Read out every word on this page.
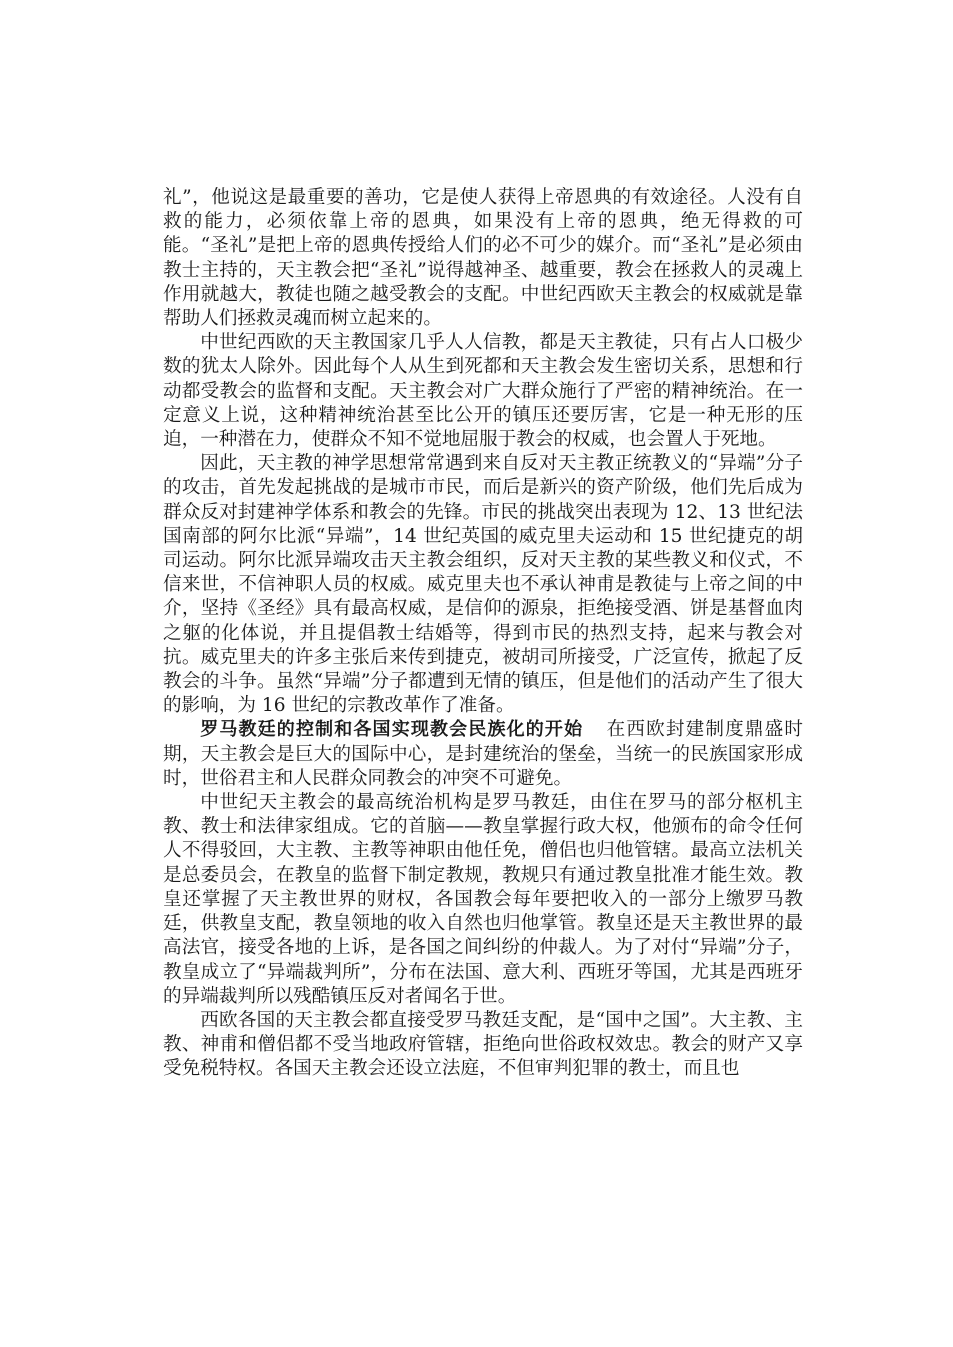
礼”，他说这是最重要的善功，它是使人获得上帝恩典的有效途径。人没有自救的能力，必须依靠上帝的恩典，如果没有上帝的恩典，绝无得救的可能。“圣礼”是把上帝的恩典传授给人们的必不可少的媒介。而“圣礼”是必须由教士主持的，天主教会把“圣礼”说得越神圣、越重要，教会在拯救人的灵魂上作用就越大，教徒也随之越受教会的支配。中世纪西欧天主教会的权威就是靠帮助人们拯救灵魂而树立起来的。

中世纪西欧的天主教国家几乎人人信教，都是天主教徒，只有占人口极少数的犹太人除外。因此每个人从生到死都和天主教会发生密切关系，思想和行动都受教会的监督和支配。天主教会对广大群众施行了严密的精神统治。在一定意义上说，这种精神统治甚至比公开的镇压还要厉害，它是一种无形的压迫，一种潜在力，使群众不知不觉地屈服于教会的权威，也会置人于死地。

因此，天主教的神学思想常常遇到来自反对天主教正统教义的“异端”分子的攻击，首先发起挑战的是城市市民，而后是新兴的资产阶级，他们先后成为群众反对封建神学体系和教会的先锋。市民的挑战突出表现为 12、13 世纪法国南部的阿尔比派“异端”，14 世纪英国的威克里夫运动和 15 世纪捷克的胡司运动。阿尔比派异端攻击天主教会组织，反对天主教的某些教义和仪式，不信来世，不信神职人员的权威。威克里夫也不承认神甫是教徒与上帝之间的中介，坚持《圣经》具有最高权威，是信仰的源泉，拒绝接受酒、饼是基督血肉之躯的化体说，并且提倡教士结婚等，得到市民的热烈支持，起来与教会对抗。威克里夫的许多主张后来传到捷克，被胡司所接受，广泛宣传，掀起了反教会的斗争。虽然“异端”分子都遭到无情的镇压，但是他们的活动产生了很大的影响，为 16 世纪的宗教改革作了准备。

罗马教廷的控制和各国实现教会民族化的开始 在西欧封建制度鼎盛时期，天主教会是巨大的国际中心，是封建统治的堡垒，当统一的民族国家形成时，世俗君主和人民群众同教会的冲突不可避免。

中世纪天主教会的最高统治机构是罗马教廷，由住在罗马的部分枢机主教、教士和法律家组成。它的首脑——教皇掌握行政大权，他颁布的命令任何人不得驳回，大主教、主教等神职由他任免，僧侣也归他管辖。最高立法机关是总委员会，在教皇的监督下制定教规，教规只有通过教皇批准才能生效。教皇还掌握了天主教世界的财权，各国教会每年要把收入的一部分上缴罗马教廷，供教皇支配，教皇领地的收入自然也归他掌管。教皇还是天主教世界的最高法官，接受各地的上诉，是各国之间纠纷的仲裁人。为了对付“异端”分子，教皇成立了“异端裁判所”，分布在法国、意大利、西班牙等国，尤其是西班牙的异端裁判所以残酷镇压反对者闻名于世。

西欧各国的天主教会都直接受罗马教廷支配，是“国中之国”。大主教、主教、神甫和僧侣都不受当地政府管辖，拒绝向世俗政权效忠。教会的财产又享受免税特权。各国天主教会还设立法庭，不但审判犯罪的教士，而且也
